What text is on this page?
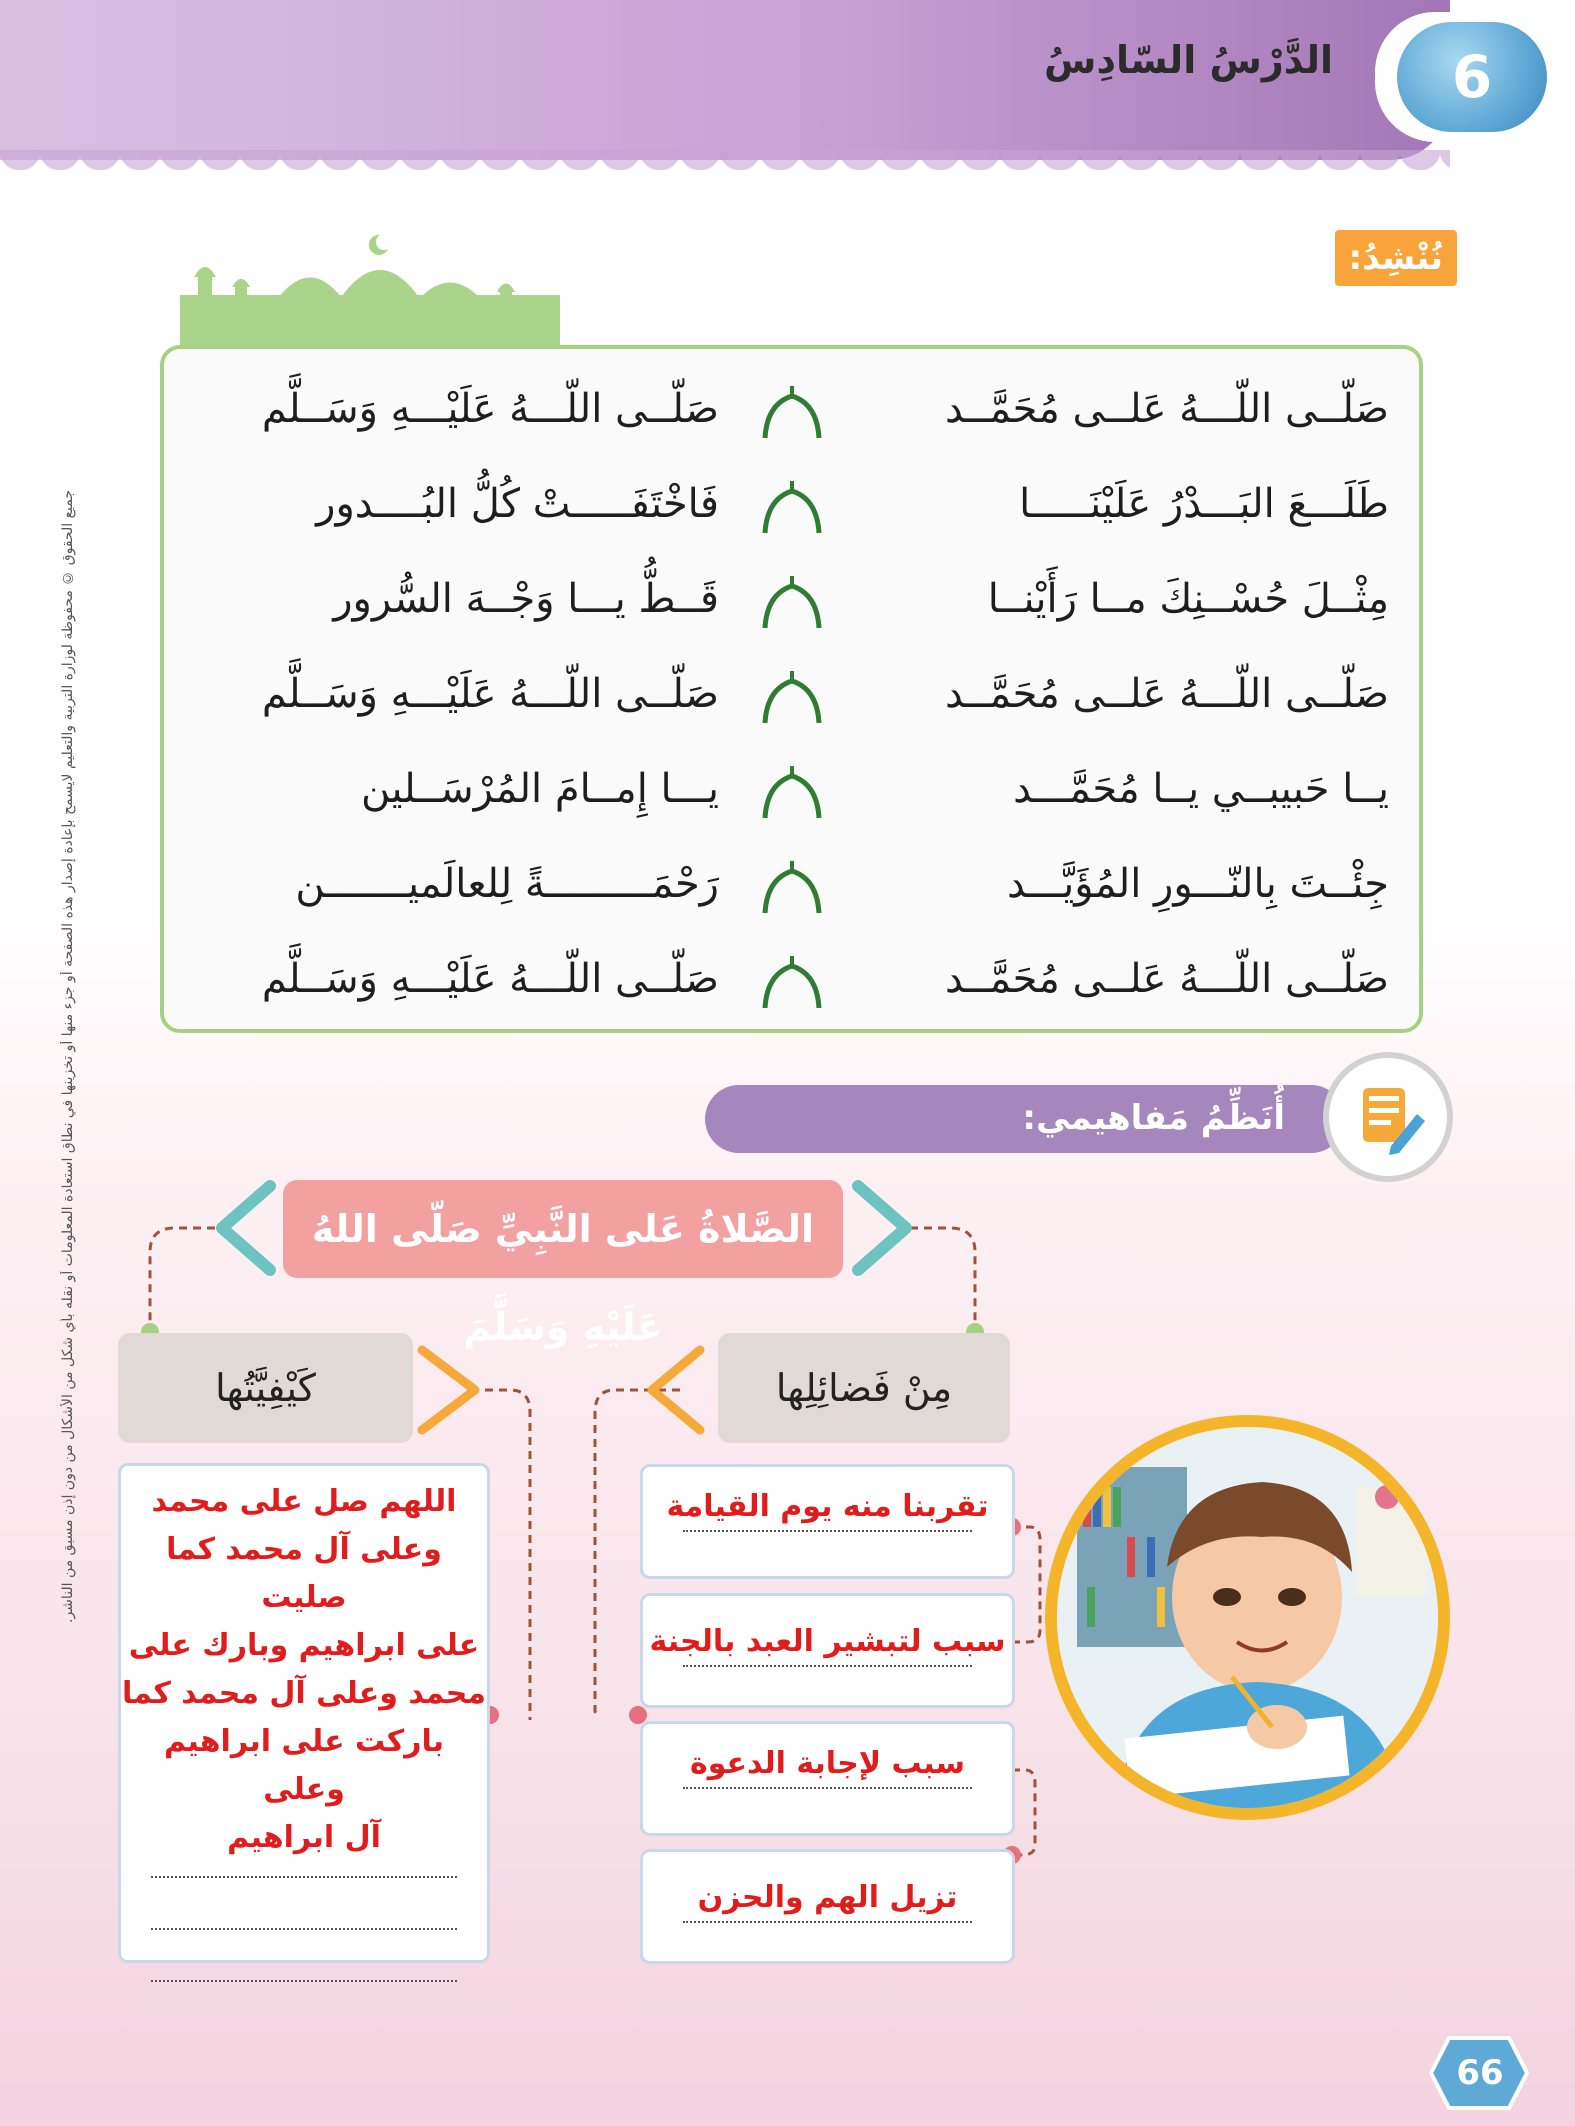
الدَّرْسُ السّادِسُ	6
جميع الحقوق © محفوظة لوزارة التربية والتعليم لايسمح بإعادة إصدار هذه الصفحة أو جزء منها أو تخزينها في نطاق استعادة المعلومات أو نقله بأي شكل من الأشكال من دون إذن مسبق من الناشر.
نُنْشِدُ:
صَلّــى اللّـــهُ عَلــى مُحَمَّــد
صَلّــى اللّـــهُ عَلَيْـــهِ وَسَــلَّم
طَلَـــعَ البَـــدْرُ عَلَيْنَـــــا
فَاخْتَفَـــــتْ كُلُّ البُــــدور
مِثْــلَ حُسْــنِكَ مــا رَأَيْنــا
قَــطُّ يـــا وَجْــهَ السُّرور
صَلّــى اللّـــهُ عَلــى مُحَمَّــد
صَلّــى اللّـــهُ عَلَيْـــهِ وَسَــلَّم
يــا حَبيبــي يــا مُحَمَّـــد
يـــا إِمــامَ المُرْسَــلين
جِئْــتَ بِالنّـــورِ المُؤَيَّـــد
رَحْمَـــــــــةً لِلعالَميـــــــن
صَلّــى اللّـــهُ عَلــى مُحَمَّــد
صَلّــى اللّـــهُ عَلَيْـــهِ وَسَــلَّم
أُنَظِّمُ مَفاهيمي:
الصَّلاةُ عَلى النَّبِيِّ صَلّى اللهُ عَلَيْهِ وَسَلَّمَ
كَيْفِيَّتُها	مِنْ فَضائِلِها
تقربنا منه يوم القيامة
سبب لتبشير العبد بالجنة
سبب لإجابة الدعوة
تزيل الهم والحزن
اللهم صل على محمد
وعلى آل محمد كما صليت
على ابراهيم وبارك على
محمد وعلى آل محمد كما
باركت على ابراهيم وعلى
آل ابراهيم
66
